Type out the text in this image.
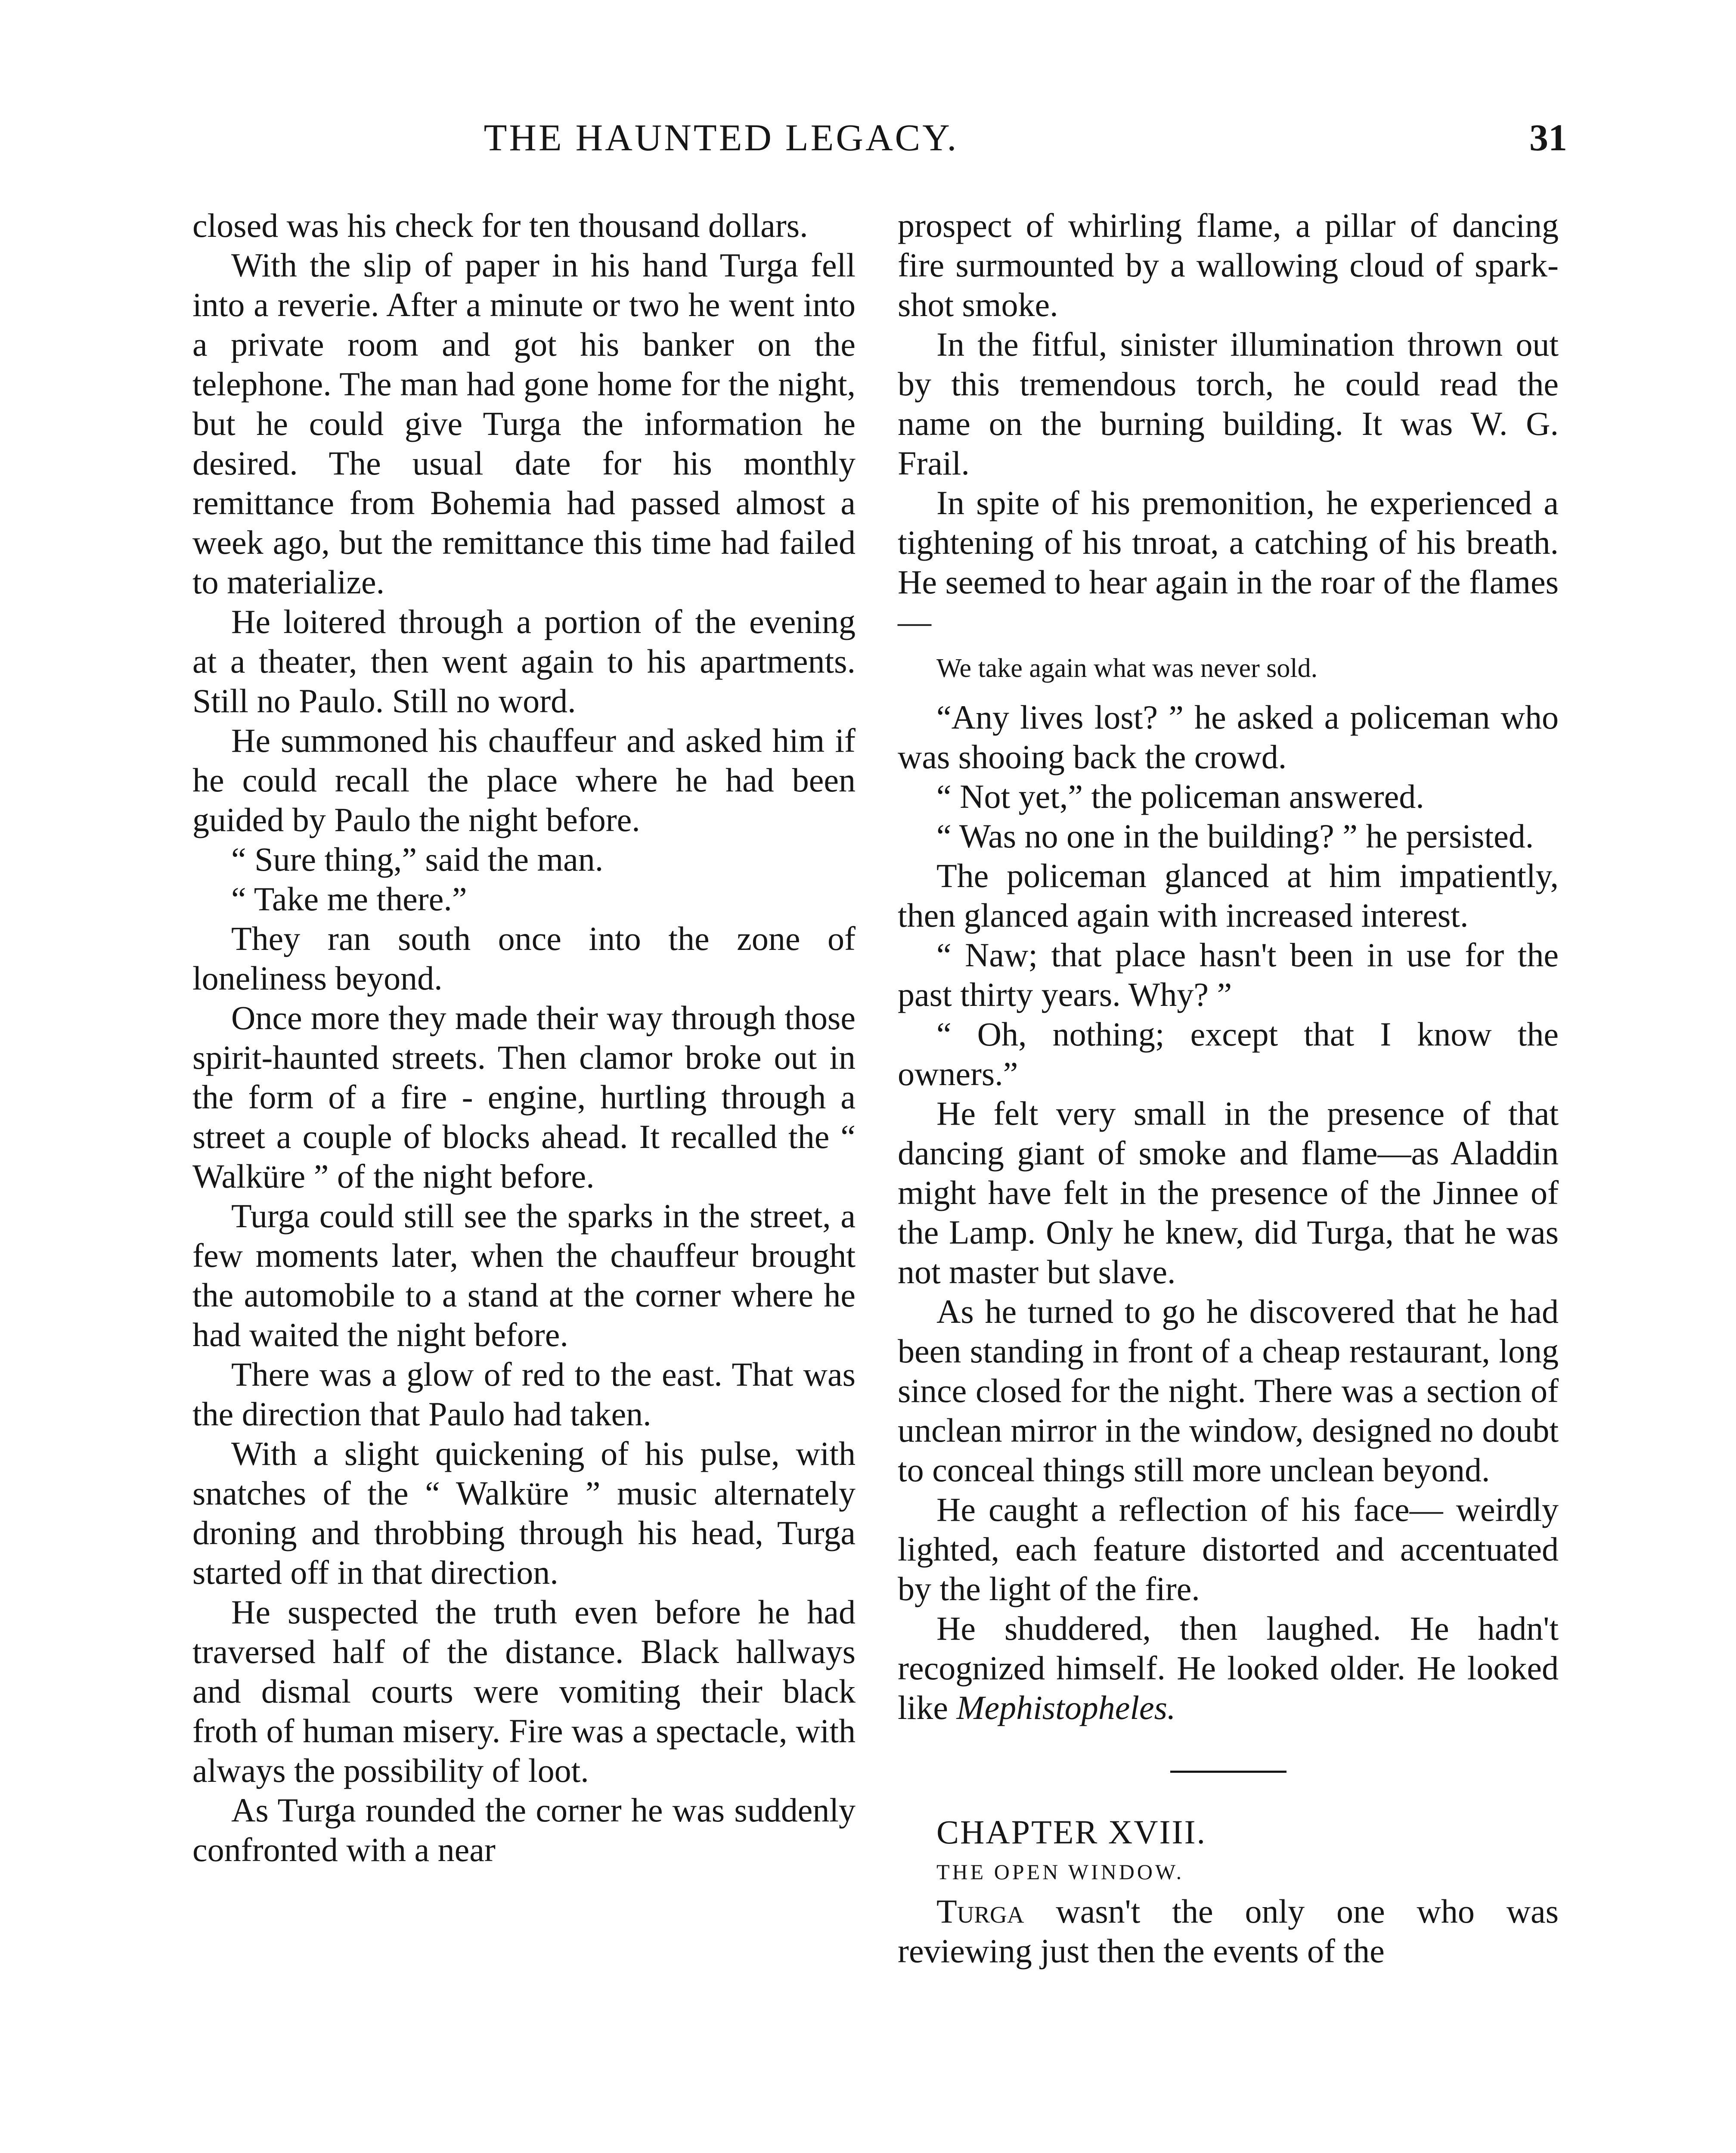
THE HAUNTED LEGACY.	31

closed was his check for ten thousand dollars.

With the slip of paper in his hand Turga fell into a reverie. After a minute or two he went into a private room and got his banker on the telephone. The man had gone home for the night, but he could give Turga the information he desired. The usual date for his monthly remittance from Bohemia had passed almost a week ago, but the remittance this time had failed to materialize.

He loitered through a portion of the evening at a theater, then went again to his apartments. Still no Paulo. Still no word.

He summoned his chauffeur and asked him if he could recall the place where he had been guided by Paulo the night before.

“ Sure thing,” said the man.

“ Take me there.”

They ran south once into the zone of loneliness beyond.

Once more they made their way through those spirit-haunted streets. Then clamor broke out in the form of a fire - engine, hurtling through a street a couple of blocks ahead. It recalled the “ Walküre ” of the night before.

Turga could still see the sparks in the street, a few moments later, when the chauffeur brought the automobile to a stand at the corner where he had waited the night before.

There was a glow of red to the east. That was the direction that Paulo had taken.

With a slight quickening of his pulse, with snatches of the “ Walküre ” music alternately droning and throbbing through his head, Turga started off in that direction.

He suspected the truth even before he had traversed half of the distance. Black hallways and dismal courts were vomiting their black froth of human misery. Fire was a spectacle, with always the possibility of loot.

As Turga rounded the corner he was suddenly confronted with a near

prospect of whirling flame, a pillar of dancing fire surmounted by a wallowing cloud of spark-shot smoke.

In the fitful, sinister illumination thrown out by this tremendous torch, he could read the name on the burning building. It was W. G. Frail.

In spite of his premonition, he experienced a tightening of his tnroat, a catching of his breath. He seemed to hear again in the roar of the flames—

We take again what was never sold.

“Any lives lost? ” he asked a policeman who was shooing back the crowd.

“ Not yet,” the policeman answered.

“ Was no one in the building? ” he persisted.

The policeman glanced at him impatiently, then glanced again with increased interest.

“ Naw; that place hasn't been in use for the past thirty years. Why? ”

“ Oh, nothing; except that I know the owners.”

He felt very small in the presence of that dancing giant of smoke and flame—as Aladdin might have felt in the presence of the Jinnee of the Lamp. Only he knew, did Turga, that he was not master but slave.

As he turned to go he discovered that he had been standing in front of a cheap restaurant, long since closed for the night. There was a section of unclean mirror in the window, designed no doubt to conceal things still more unclean beyond.

He caught a reflection of his face— weirdly lighted, each feature distorted and accentuated by the light of the fire.

He shuddered, then laughed. He hadn't recognized himself. He looked older. He looked like Mephistopheles.

CHAPTER XVIII.

THE OPEN WINDOW.

Turga wasn't the only one who was reviewing just then the events of the
